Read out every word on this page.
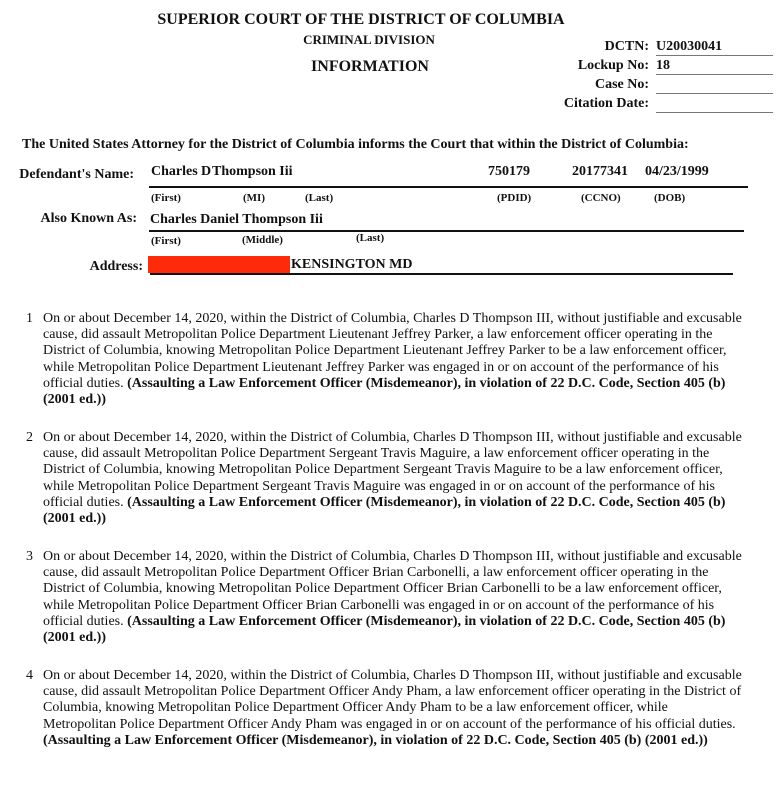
SUPERIOR COURT OF THE DISTRICT OF COLUMBIA
CRIMINAL DIVISION
INFORMATION
DCTN: U20030041
Lockup No: 18
Case No:
Citation Date:
The United States Attorney for the District of Columbia informs the Court that within the District of Columbia:
Defendant's Name: Charles D Thompson Iii	750179	20177341 04/23/1999
(First)	(MI)	(Last)	(PDID)	(CCNO)	(DOB)
Also Known As: Charles Daniel Thompson Iii
(First)	(Middle)	(Last)
Address:	KENSINGTON MD
1 On or about December 14, 2020, within the District of Columbia, Charles D Thompson III, without justifiable and excusable cause, did assault Metropolitan Police Department Lieutenant Jeffrey Parker, a law enforcement officer operating in the District of Columbia, knowing Metropolitan Police Department Lieutenant Jeffrey Parker to be a law enforcement officer, while Metropolitan Police Department Lieutenant Jeffrey Parker was engaged in or on account of the performance of his official duties. (Assaulting a Law Enforcement Officer (Misdemeanor), in violation of 22 D.C. Code, Section 405 (b) (2001 ed.))
2 On or about December 14, 2020, within the District of Columbia, Charles D Thompson III, without justifiable and excusable cause, did assault Metropolitan Police Department Sergeant Travis Maguire, a law enforcement officer operating in the District of Columbia, knowing Metropolitan Police Department Sergeant Travis Maguire to be a law enforcement officer, while Metropolitan Police Department Sergeant Travis Maguire was engaged in or on account of the performance of his official duties. (Assaulting a Law Enforcement Officer (Misdemeanor), in violation of 22 D.C. Code, Section 405 (b) (2001 ed.))
3 On or about December 14, 2020, within the District of Columbia, Charles D Thompson III, without justifiable and excusable cause, did assault Metropolitan Police Department Officer Brian Carbonelli, a law enforcement officer operating in the District of Columbia, knowing Metropolitan Police Department Officer Brian Carbonelli to be a law enforcement officer, while Metropolitan Police Department Officer Brian Carbonelli was engaged in or on account of the performance of his official duties. (Assaulting a Law Enforcement Officer (Misdemeanor), in violation of 22 D.C. Code, Section 405 (b) (2001 ed.))
4 On or about December 14, 2020, within the District of Columbia, Charles D Thompson III, without justifiable and excusable cause, did assault Metropolitan Police Department Officer Andy Pham, a law enforcement officer operating in the District of Columbia, knowing Metropolitan Police Department Officer Andy Pham to be a law enforcement officer, while Metropolitan Police Department Officer Andy Pham was engaged in or on account of the performance of his official duties. (Assaulting a Law Enforcement Officer (Misdemeanor), in violation of 22 D.C. Code, Section 405 (b) (2001 ed.))
